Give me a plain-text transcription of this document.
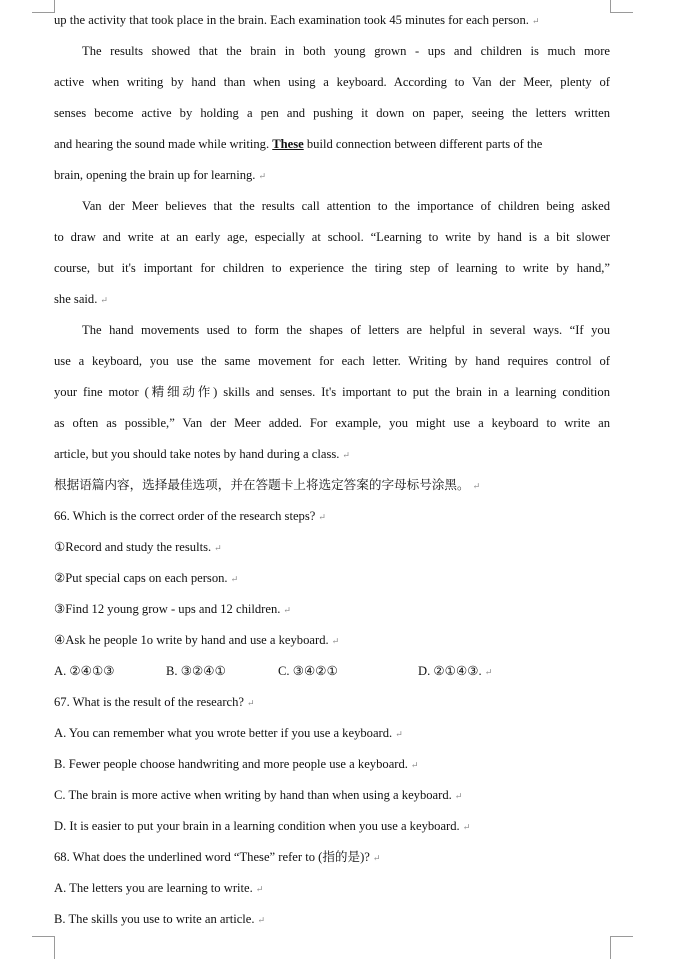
up the activity that took place in the brain. Each examination took 45 minutes for each person. ↵
The results showed that the brain in both young grown - ups and children is much more
active when writing by hand than when using a keyboard. According to Van der Meer, plenty of
senses become active by holding a pen and pushing it down on paper, seeing the letters written
and hearing the sound made while writing. These build connection between different parts of the
brain, opening the brain up for learning. ↵
Van der Meer believes that the results call attention to the importance of children being asked
to draw and write at an early age, especially at school. “Learning to write by hand is a bit slower
course, but it's important for children to experience the tiring step of learning to write by hand,”
she said. ↵
The hand movements used to form the shapes of letters are helpful in several ways. “If you
use a keyboard, you use the same movement for each letter. Writing by hand requires control of
your fine motor (精细动作) skills and senses. It's important to put the brain in a learning condition
as often as possible,” Van der Meer added. For example, you might use a keyboard to write an
article, but you should take notes by hand during a class. ↵
根据语篇内容，选择最佳选项，并在答题卡上将选定答案的字母标号涂黑。 ↵
66. Which is the correct order of the research steps? ↵
①Record and study the results. ↵
②Put special caps on each person. ↵
③Find 12 young grow - ups and 12 children. ↵
④Ask he people 1o write by hand and use a keyboard. ↵
A. ②④①③	B. ③②④①	C. ③④②①	D. ②①④③. ↵
67. What is the result of the research? ↵
A. You can remember what you wrote better if you use a keyboard. ↵
B. Fewer people choose handwriting and more people use a keyboard. ↵
C. The brain is more active when writing by hand than when using a keyboard. ↵
D. It is easier to put your brain in a learning condition when you use a keyboard. ↵
68. What does the underlined word “These” refer to (指的是)? ↵
A. The letters you are learning to write. ↵
B. The skills you use to write an article. ↵
